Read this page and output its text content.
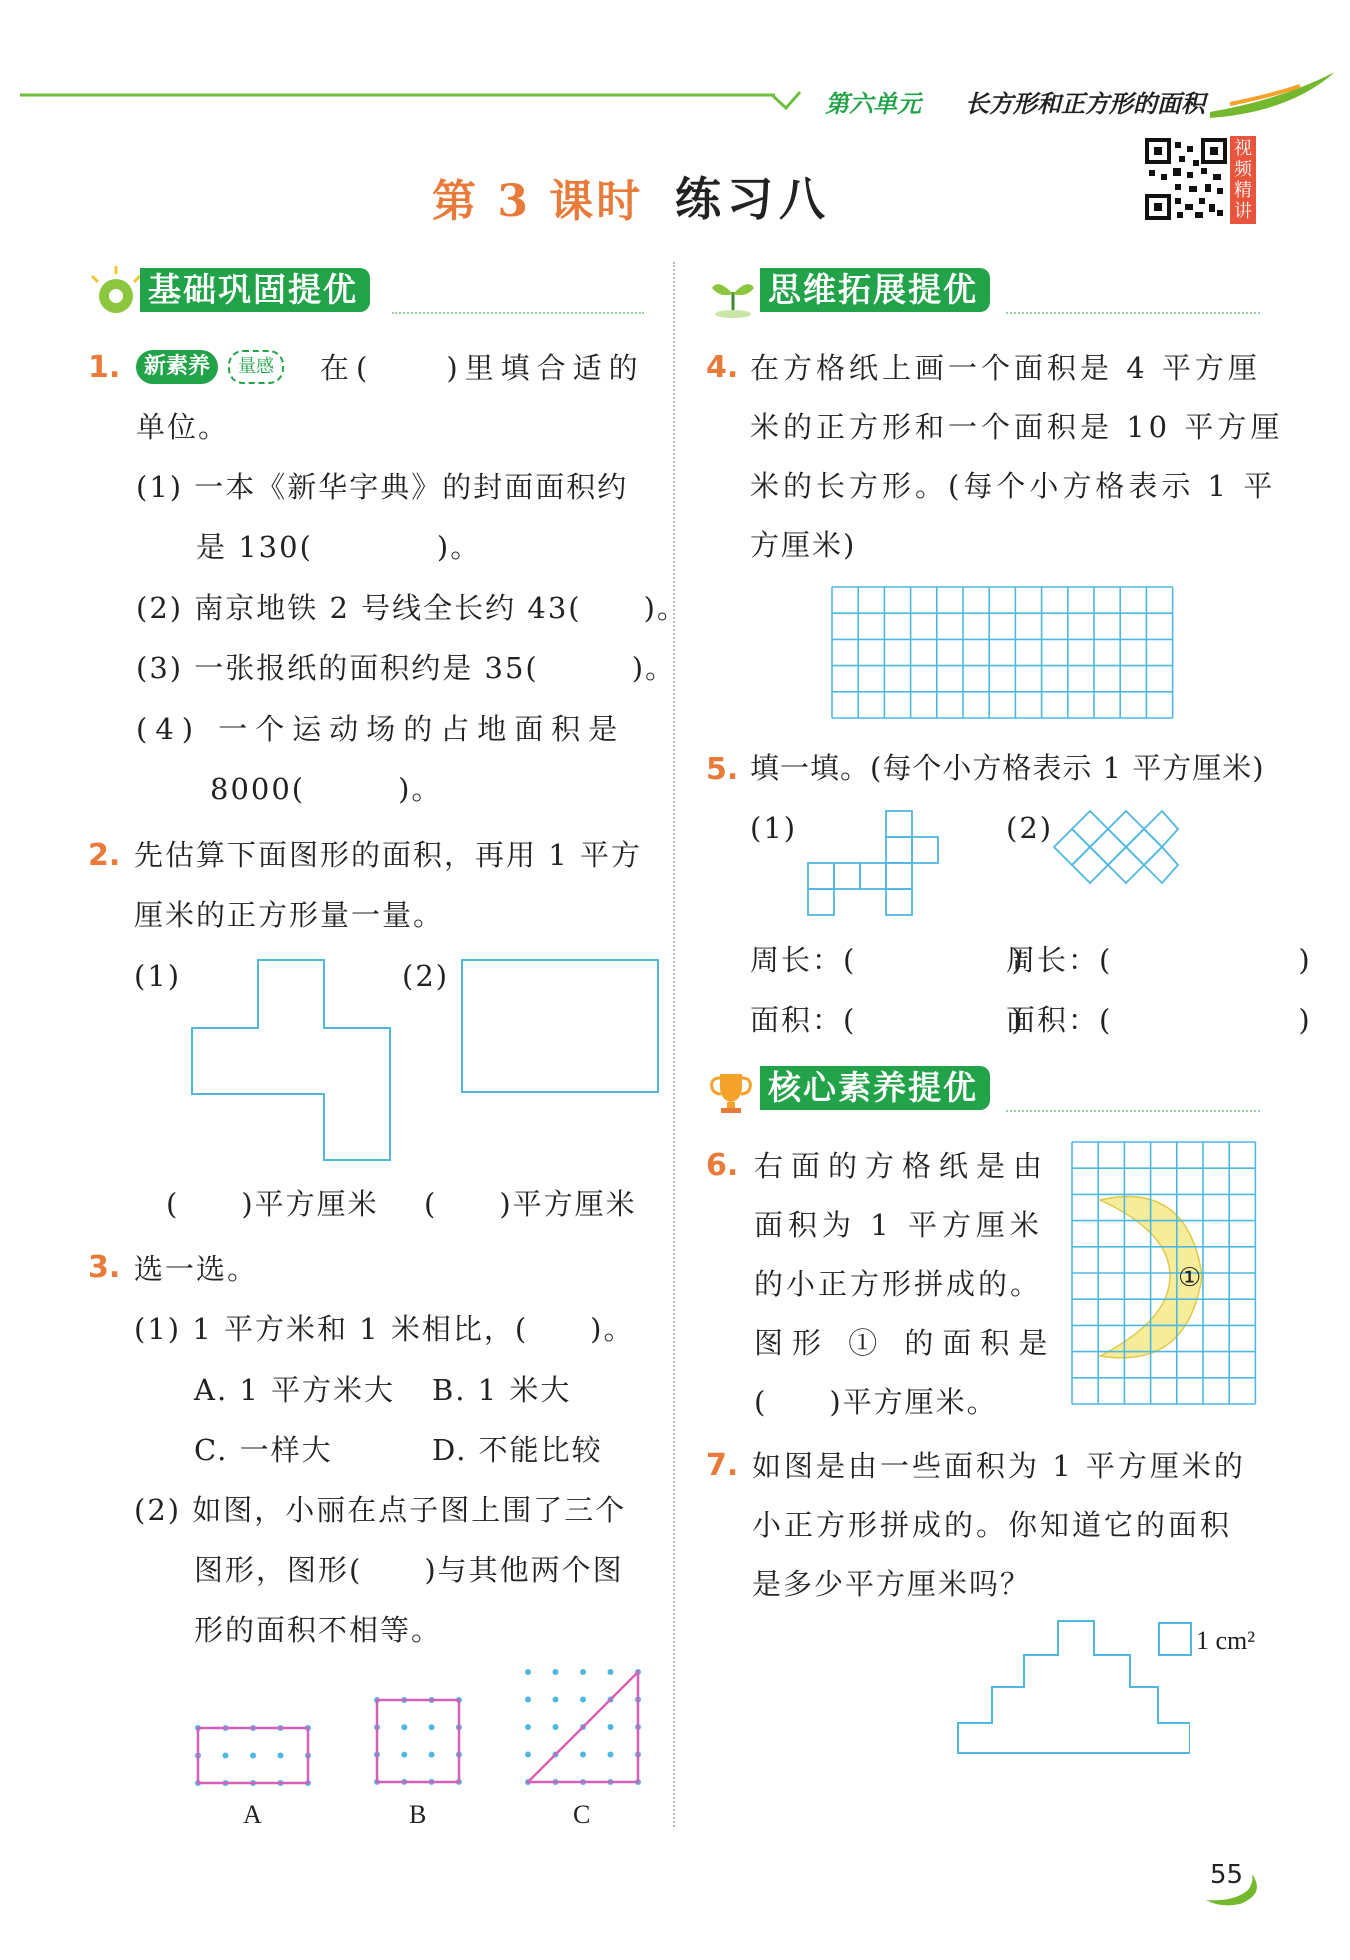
第六单元 长方形和正方形的面积
视频精讲
第 3 课时 练习八
基础巩固提优
1.	新素养	量感	在(　　)里填合适的
单位。
(1) 一本《新华字典》的封面面积约
是 130(　　　　)。
(2) 南京地铁 2 号线全长约 43(　　)。
(3) 一张报纸的面积约是 35(　　　)。
(4) 一个运动场的占地面积是
8000(　　　)。
2. 先估算下面图形的面积，再用 1 平方
厘米的正方形量一量。
(1)	(2)
(　　)平方厘米 (　　)平方厘米
3. 选一选。
(1) 1 平方米和 1 米相比，(　　)。
A. 1 平方米大 B. 1 米大
C. 一样大	D. 不能比较
(2) 如图，小丽在点子图上围了三个
图形，图形(　　)与其他两个图
形的面积不相等。
A	B	C
思维拓展提优
4. 在方格纸上画一个面积是 4 平方厘
米的正方形和一个面积是 10 平方厘
米的长方形。(每个小方格表示 1 平
方厘米)
5. 填一填。(每个小方格表示 1 平方厘米)
(1)	(2)
周长：(　　　　　)
周长：(　　　　　　)
面积：(　　　　　)
面积：(　　　　　　)
核心素养提优
6. 右面的方格纸是由
面积为 1 平方厘米
的小正方形拼成的。
图形 ① 的面积是
(　　)平方厘米。
①
7. 如图是由一些面积为 1 平方厘米的
小正方形拼成的。你知道它的面积
是多少平方厘米吗？
1 cm²
55
